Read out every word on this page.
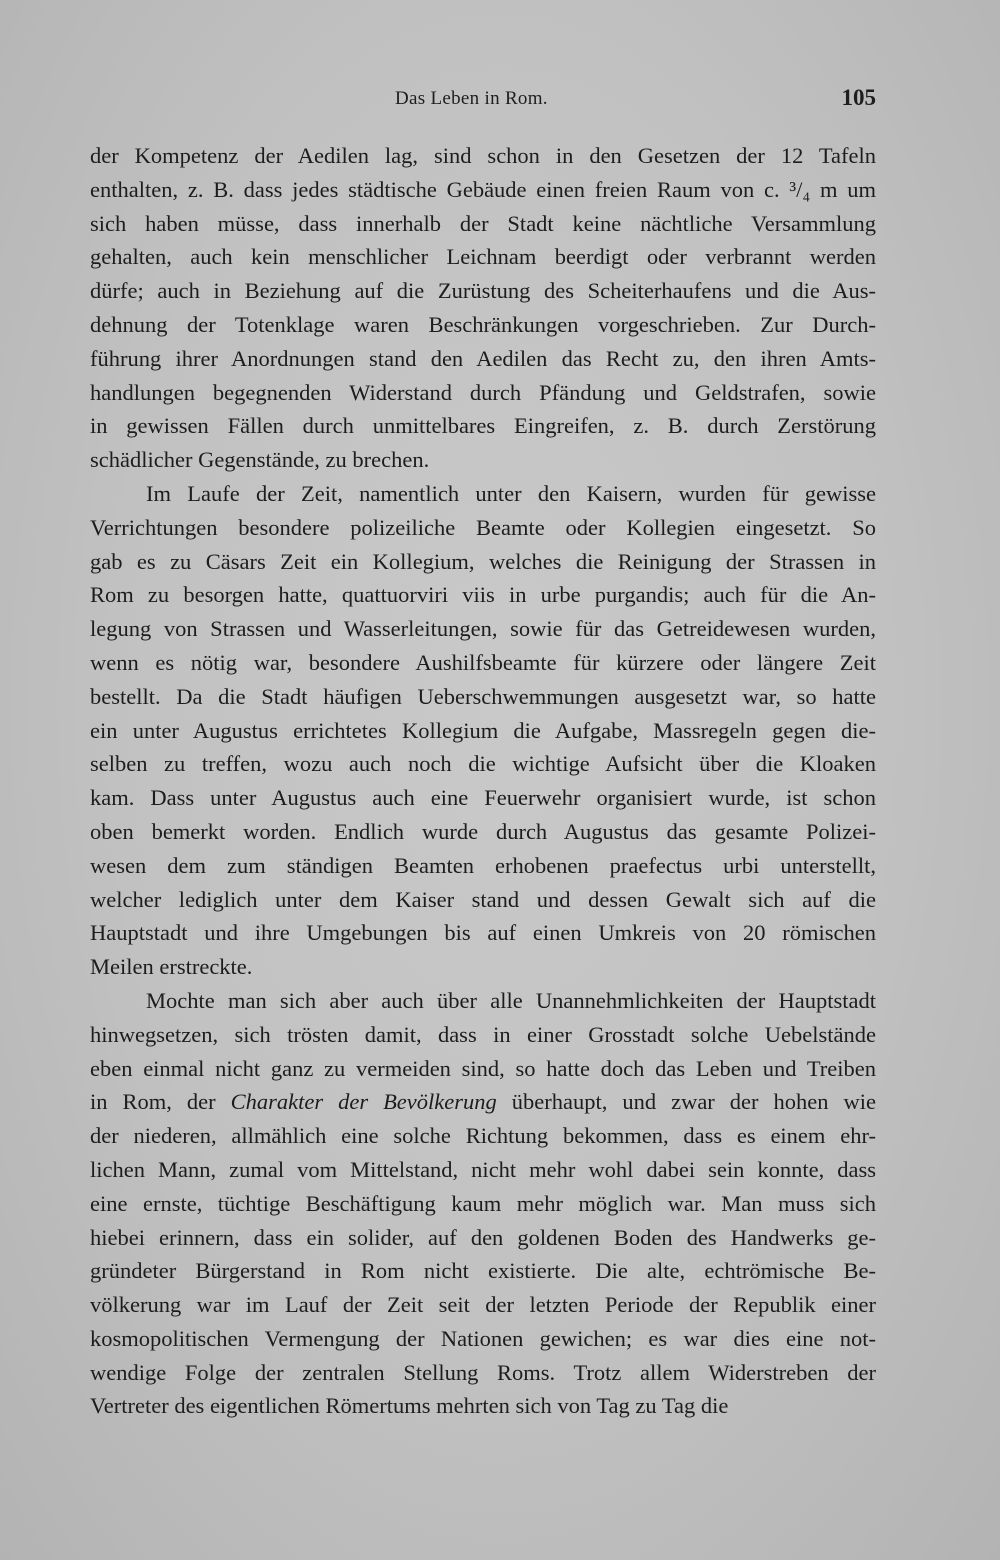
Das Leben in Rom.	105
der Kompetenz der Aedilen lag, sind schon in den Gesetzen der 12 Tafeln
enthalten, z. B. dass jedes städtische Gebäude einen freien Raum von c. ³/₄ m um
sich haben müsse, dass innerhalb der Stadt keine nächtliche Versammlung
gehalten, auch kein menschlicher Leichnam beerdigt oder verbrannt werden
dürfe; auch in Beziehung auf die Zurüstung des Scheiterhaufens und die Aus-
dehnung der Totenklage waren Beschränkungen vorgeschrieben. Zur Durch-
führung ihrer Anordnungen stand den Aedilen das Recht zu, den ihren Amts-
handlungen begegnenden Widerstand durch Pfändung und Geldstrafen, sowie
in gewissen Fällen durch unmittelbares Eingreifen, z. B. durch Zerstörung
schädlicher Gegenstände, zu brechen.
Im Laufe der Zeit, namentlich unter den Kaisern, wurden für gewisse
Verrichtungen besondere polizeiliche Beamte oder Kollegien eingesetzt. So
gab es zu Cäsars Zeit ein Kollegium, welches die Reinigung der Strassen in
Rom zu besorgen hatte, quattuorviri viis in urbe purgandis; auch für die An-
legung von Strassen und Wasserleitungen, sowie für das Getreidewesen wurden,
wenn es nötig war, besondere Aushilfsbeamte für kürzere oder längere Zeit
bestellt. Da die Stadt häufigen Ueberschwemmungen ausgesetzt war, so hatte
ein unter Augustus errichtetes Kollegium die Aufgabe, Massregeln gegen die-
selben zu treffen, wozu auch noch die wichtige Aufsicht über die Kloaken
kam. Dass unter Augustus auch eine Feuerwehr organisiert wurde, ist schon
oben bemerkt worden. Endlich wurde durch Augustus das gesamte Polizei-
wesen dem zum ständigen Beamten erhobenen praefectus urbi unterstellt,
welcher lediglich unter dem Kaiser stand und dessen Gewalt sich auf die
Hauptstadt und ihre Umgebungen bis auf einen Umkreis von 20 römischen
Meilen erstreckte.
Mochte man sich aber auch über alle Unannehmlichkeiten der Hauptstadt
hinwegsetzen, sich trösten damit, dass in einer Grosstadt solche Uebelstände
eben einmal nicht ganz zu vermeiden sind, so hatte doch das Leben und Treiben
in Rom, der Charakter der Bevölkerung überhaupt, und zwar der hohen wie
der niederen, allmählich eine solche Richtung bekommen, dass es einem ehr-
lichen Mann, zumal vom Mittelstand, nicht mehr wohl dabei sein konnte, dass
eine ernste, tüchtige Beschäftigung kaum mehr möglich war. Man muss sich
hiebei erinnern, dass ein solider, auf den goldenen Boden des Handwerks ge-
gründeter Bürgerstand in Rom nicht existierte. Die alte, echtrömische Be-
völkerung war im Lauf der Zeit seit der letzten Periode der Republik einer
kosmopolitischen Vermengung der Nationen gewichen; es war dies eine not-
wendige Folge der zentralen Stellung Roms. Trotz allem Widerstreben der
Vertreter des eigentlichen Römertums mehrten sich von Tag zu Tag die
